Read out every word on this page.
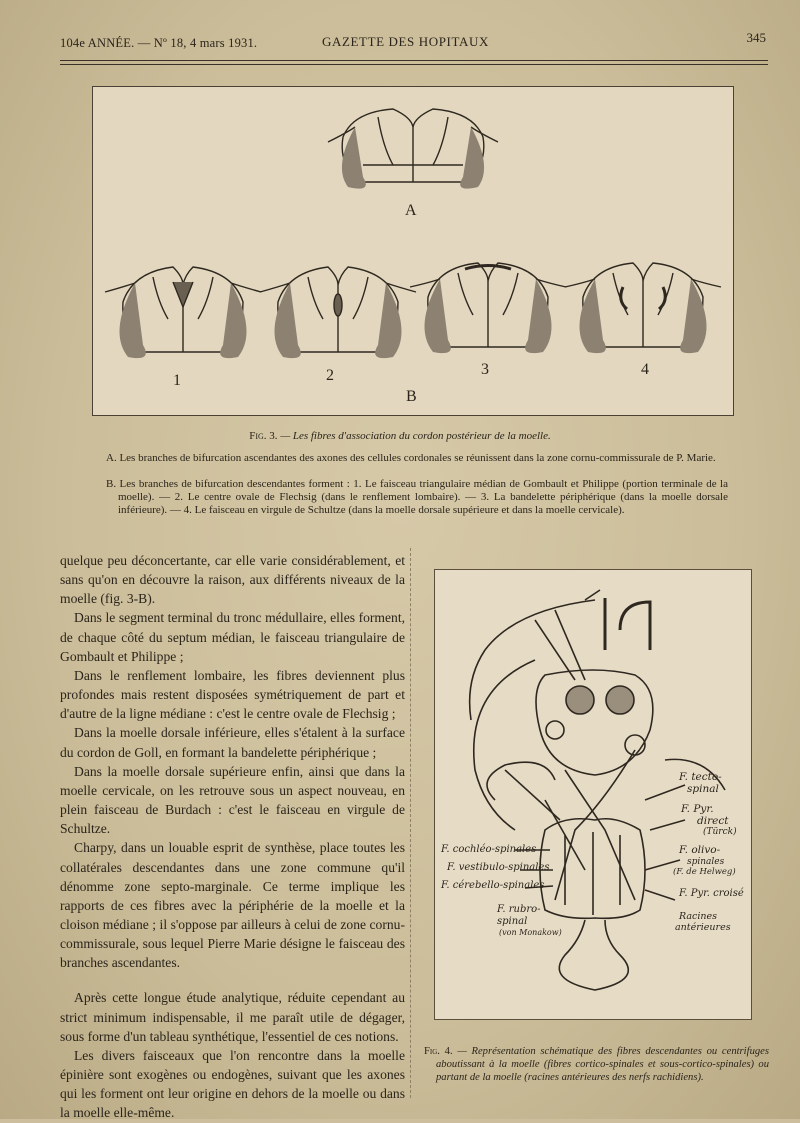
104e ANNÉE. — Nº 18, 4 mars 1931.	GAZETTE DES HOPITAUX	345
A
1	2	3	4
B
Fig. 3. — Les fibres d'association du cordon postérieur de la moelle.
A. Les branches de bifurcation ascendantes des axones des cellules cordonales se réunissent dans la zone cornu-commissurale de P. Marie.
B. Les branches de bifurcation descendantes forment : 1. Le faisceau triangulaire médian de Gombault et Philippe (portion terminale de la moelle). — 2. Le centre ovale de Flechsig (dans le renflement lombaire). — 3. La bandelette périphérique (dans la moelle dorsale inférieure). — 4. Le faisceau en virgule de Schultze (dans la moelle dorsale supérieure et dans la moelle cervicale).

quelque peu déconcertante, car elle varie considérablement, et sans qu'on en découvre la raison, aux différents niveaux de la moelle (fig. 3-B).

Dans le segment terminal du tronc médullaire, elles forment, de chaque côté du septum médian, le faisceau triangulaire de Gombault et Philippe ;

Dans le renflement lombaire, les fibres deviennent plus profondes mais restent disposées symétriquement de part et d'autre de la ligne médiane : c'est le centre ovale de Flechsig ;

Dans la moelle dorsale inférieure, elles s'étalent à la surface du cordon de Goll, en formant la bandelette périphérique ;

Dans la moelle dorsale supérieure enfin, ainsi que dans la moelle cervicale, on les retrouve sous un aspect nouveau, en plein faisceau de Burdach : c'est le faisceau en virgule de Schultze.

Charpy, dans un louable esprit de synthèse, place toutes les collatérales descendantes dans une zone commune qu'il dénomme zone septo-marginale. Ce terme implique les rapports de ces fibres avec la périphérie de la moelle et la cloison médiane ; il s'oppose par ailleurs à celui de zone cornu-commissurale, sous lequel Pierre Marie désigne le faisceau des branches ascendantes.

Après cette longue étude analytique, réduite cependant au strict minimum indispensable, il me paraît utile de dégager, sous forme d'un tableau synthétique, l'essentiel de ces notions.

Les divers faisceaux que l'on rencontre dans la moelle épinière sont exogènes ou endogènes, suivant que les axones qui les forment ont leur origine en dehors de la moelle ou dans la moelle elle-même.

F. tecto-
spinal
F. Pyr.
direct
(Türck)
F. olivo-
spinales
(F. de Helweg)
F. Pyr. croisé
Racines
antérieures
F. cochléo-spinales
F. vestibulo-spinales
F. cérebello-spinales
F. rubro-
spinal
(von Monakow)
Fig. 4. — Représentation schématique des fibres descendantes ou centrifuges aboutissant à la moelle (fibres cortico-spinales et sous-cortico-spinales) ou partant de la moelle (racines antérieures des nerfs rachidiens).
